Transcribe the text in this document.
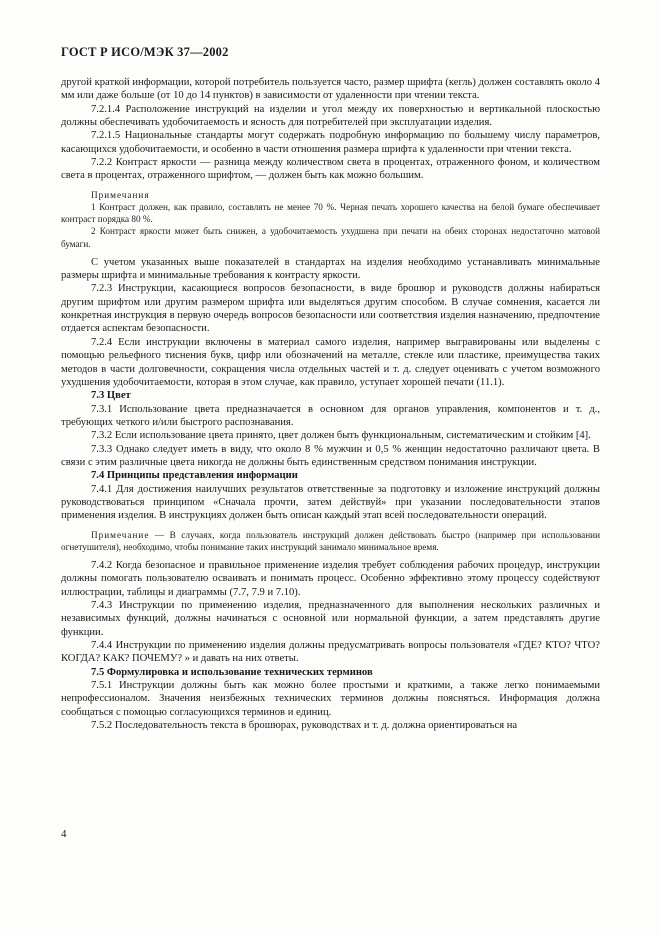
ГОСТ Р ИСО/МЭК 37—2002

другой краткой информации, которой потребитель пользуется часто, размер шрифта (кегль) должен составлять около 4 мм или даже больше (от 10 до 14 пунктов) в зависимости от удаленности при чтении текста.

7.2.1.4 Расположение инструкций на изделии и угол между их поверхностью и вертикальной плоскостью должны обеспечивать удобочитаемость и ясность для потребителей при эксплуатации изделия.

7.2.1.5 Национальные стандарты могут содержать подробную информацию по большему числу параметров, касающихся удобочитаемости, и особенно в части отношения размера шрифта к удаленности при чтении текста.

7.2.2 Контраст яркости — разница между количеством света в процентах, отраженного фоном, и количеством света в процентах, отраженного шрифтом, — должен быть как можно большим.

Примечания

1 Контраст должен, как правило, составлять не менее 70 %. Черная печать хорошего качества на белой бумаге обеспечивает контраст порядка 80 %.

2 Контраст яркости может быть снижен, а удобочитаемость ухудшена при печати на обеих сторонах недостаточно матовой бумаги.

С учетом указанных выше показателей в стандартах на изделия необходимо устанавливать минимальные размеры шрифта и минимальные требования к контрасту яркости.

7.2.3 Инструкции, касающиеся вопросов безопасности, в виде брошюр и руководств должны набираться другим шрифтом или другим размером шрифта или выделяться другим способом. В случае сомнения, касается ли конкретная инструкция в первую очередь вопросов безопасности или соответствия изделия назначению, предпочтение отдается аспектам безопасности.

7.2.4 Если инструкции включены в материал самого изделия, например выгравированы или выделены с помощью рельефного тиснения букв, цифр или обозначений на металле, стекле или пластике, преимущества таких методов в части долговечности, сокращения числа отдельных частей и т. д. следует оценивать с учетом возможного ухудшения удобочитаемости, которая в этом случае, как правило, уступает хорошей печати (11.1).

7.3 Цвет

7.3.1 Использование цвета предназначается в основном для органов управления, компонентов и т. д., требующих четкого и/или быстрого распознавания.

7.3.2 Если использование цвета принято, цвет должен быть функциональным, систематическим и стойким [4].

7.3.3 Однако следует иметь в виду, что около 8 % мужчин и 0,5 % женщин недостаточно различают цвета. В связи с этим различные цвета никогда не должны быть единственным средством понимания инструкции.

7.4 Принципы представления информации

7.4.1 Для достижения наилучших результатов ответственные за подготовку и изложение инструкций должны руководствоваться принципом «Сначала прочти, затем действуй» при указании последовательности этапов применения изделия. В инструкциях должен быть описан каждый этап всей последовательности операций.

Примечание — В случаях, когда пользователь инструкций должен действовать быстро (например при использовании огнетушителя), необходимо, чтобы понимание таких инструкций занимало минимальное время.

7.4.2 Когда безопасное и правильное применение изделия требует соблюдения рабочих процедур, инструкции должны помогать пользователю осваивать и понимать процесс. Особенно эффективно этому процессу содействуют иллюстрации, таблицы и диаграммы (7.7, 7.9 и 7.10).

7.4.3 Инструкции по применению изделия, предназначенного для выполнения нескольких различных и независимых функций, должны начинаться с основной или нормальной функции, а затем представлять другие функции.

7.4.4 Инструкции по применению изделия должны предусматривать вопросы пользователя «ГДЕ? КТО? ЧТО? КОГДА? КАК? ПОЧЕМУ? » и давать на них ответы.

7.5 Формулировка и использование технических терминов

7.5.1 Инструкции должны быть как можно более простыми и краткими, а также легко понимаемыми непрофессионалом. Значения неизбежных технических терминов должны поясняться. Информация должна сообщаться с помощью согласующихся терминов и единиц.

7.5.2 Последовательность текста в брошюрах, руководствах и т. д. должна ориентироваться на

4
